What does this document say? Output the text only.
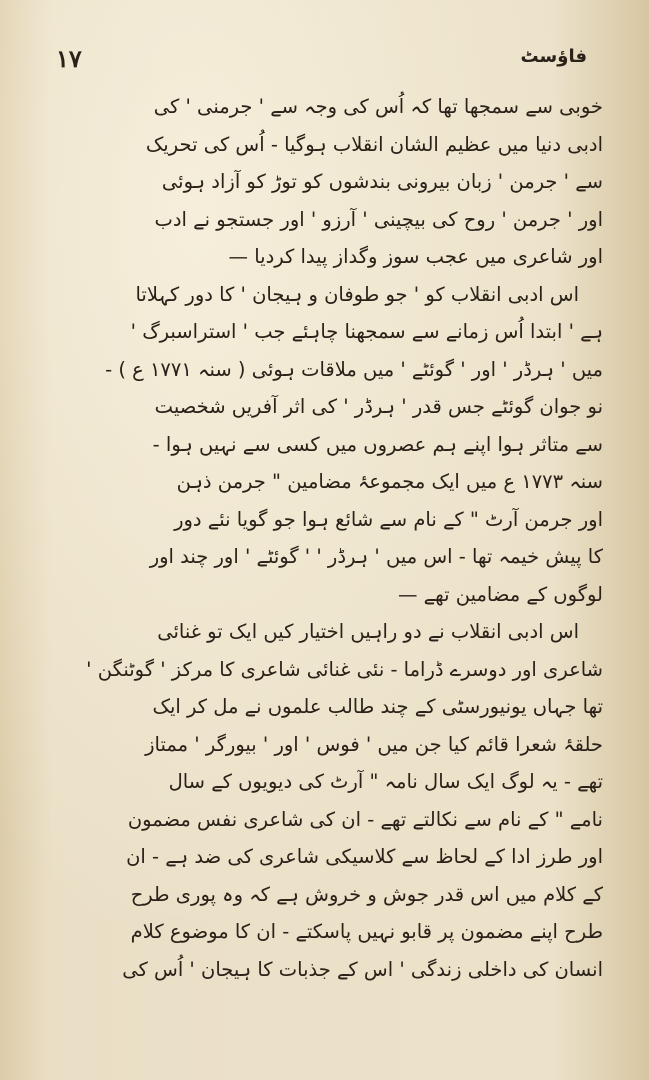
۱۷	فاؤسٹ
خوبی سے سمجھا تھا کہ اُس کی وجہ سے ' جرمنی ' کی
ادبی دنیا میں عظیم الشان انقلاب ہوگیا - اُس کی تحریک
سے ' جرمن ' زبان بیرونی بندشوں کو توڑ کو آزاد ہوئی
اور ' جرمن ' روح کی بیچینی ' آرزو ' اور جستجو نے ادب
اور شاعری میں عجب سوز وگداز پیدا کردیا —
اس ادبی انقلاب کو ' جو طوفان و ہیجان ' کا دور کہلاتا
ہے ' ابتدا اُس زمانے سے سمجھنا چاہئے جب ' استراسبرگ '
میں ' ہرڈر ' اور ' گوئٹے ' میں ملاقات ہوئی ( سنہ ۱۷۷۱ ع ) -
نو جوان گوئٹے جس قدر ' ہرڈر ' کی اثر آفریں شخصیت
سے متاثر ہوا اپنے ہم عصروں میں کسی سے نہیں ہوا -
سنہ ۱۷۷۳ ع میں ایک مجموعۂ مضامین " جرمن ذہن
اور جرمن آرٹ " کے نام سے شائع ہوا جو گویا نئے دور
کا پیش خیمہ تھا - اس میں ' ہرڈر ' ' گوئٹے ' اور چند اور
لوگوں کے مضامین تھے —
اس ادبی انقلاب نے دو راہیں اختیار کیں ایک تو غنائی
شاعری اور دوسرے ڈراما - نئی غنائی شاعری کا مرکز ' گوٹنگن '
تھا جہاں یونیورسٹی کے چند طالب علموں نے مل کر ایک
حلقۂ شعرا قائم کیا جن میں ' فوس ' اور ' بیورگر ' ممتاز
تھے - یہ لوگ ایک سال نامہ " آرٹ کی دیویوں کے سال
نامے " کے نام سے نکالتے تھے - ان کی شاعری نفس مضمون
اور طرز ادا کے لحاظ سے کلاسیکی شاعری کی ضد ہے - ان
کے کلام میں اس قدر جوش و خروش ہے کہ وہ پوری طرح
طرح اپنے مضمون پر قابو نہیں پاسکتے - ان کا موضوع کلام
انسان کی داخلی زندگی ' اس کے جذبات کا ہیجان ' اُس کی
